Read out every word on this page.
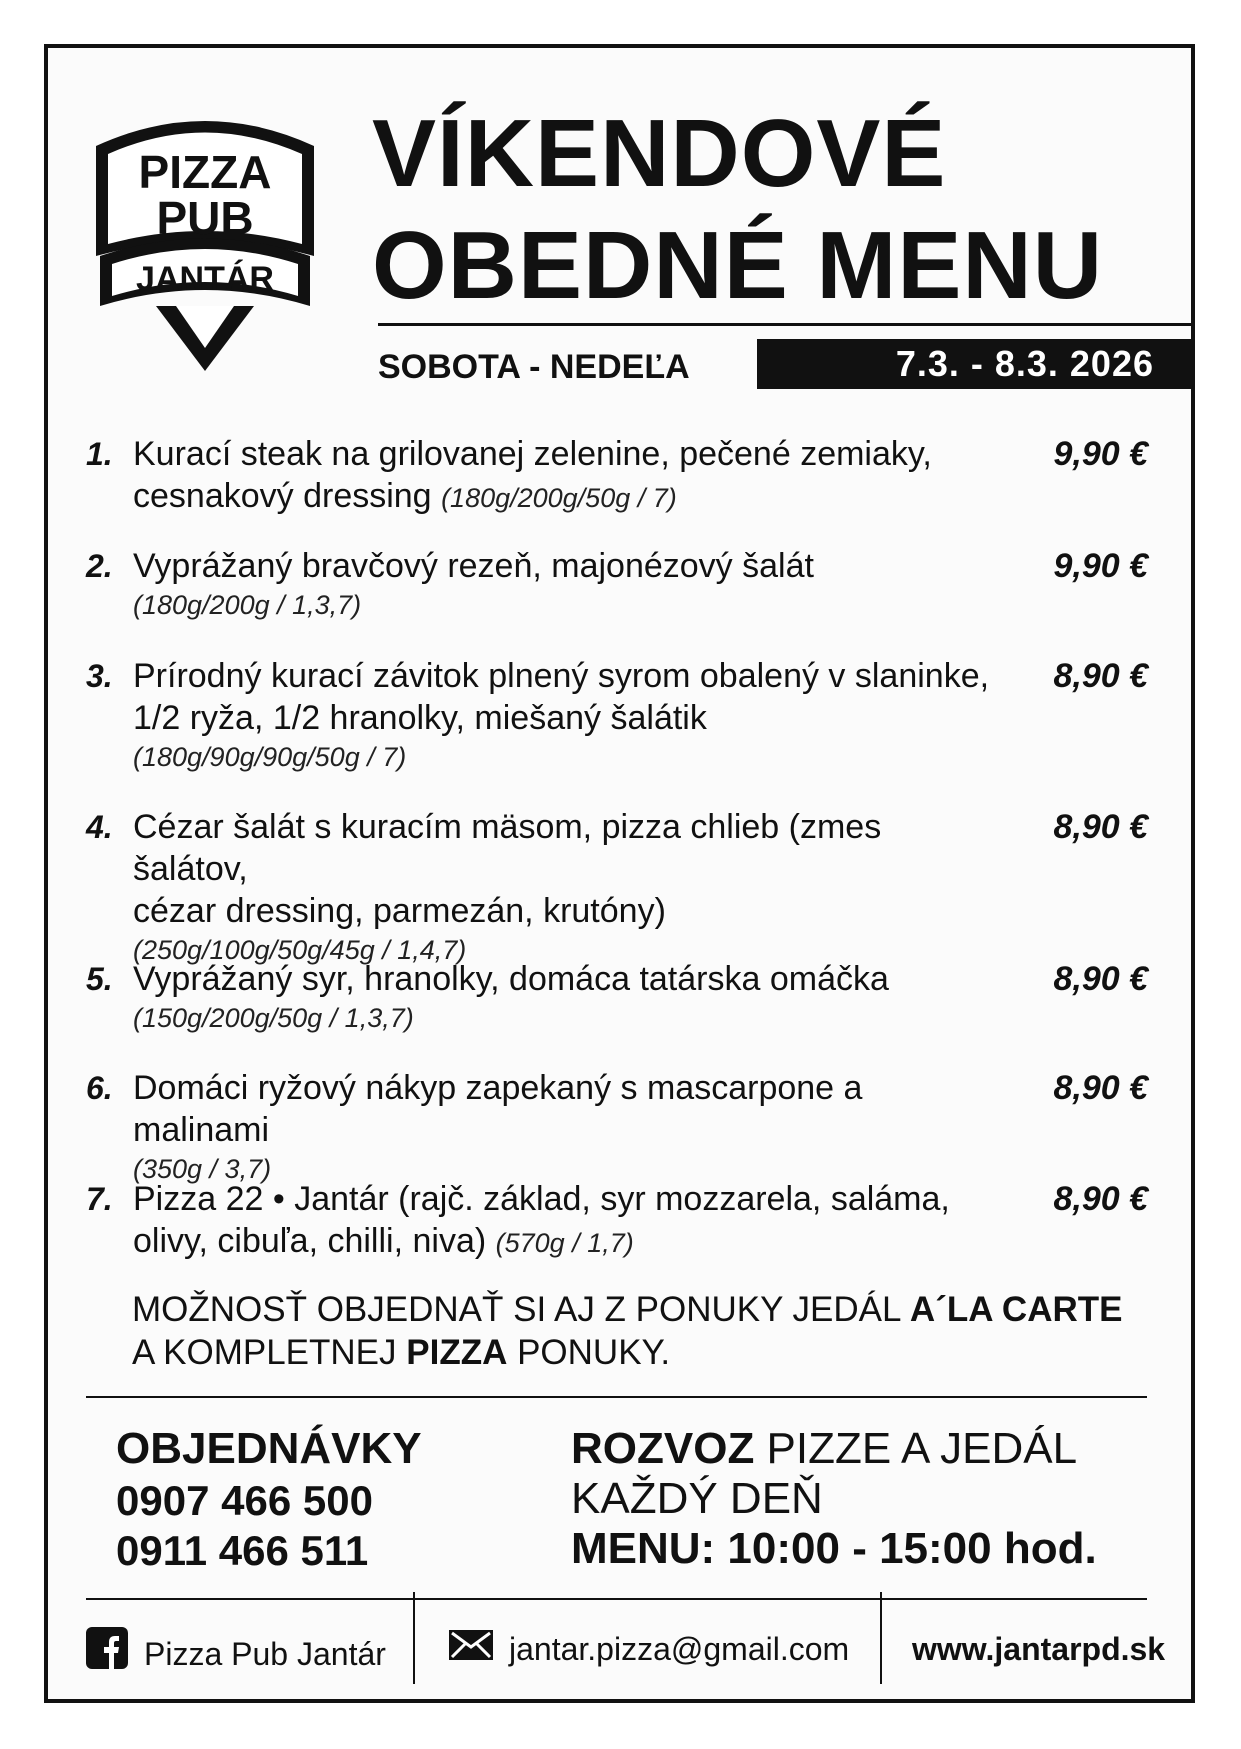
PIZZA
PUB
JANTÁR
VÍKENDOVÉ
OBEDNÉ MENU
SOBOTA - NEDEĽA	7.3. - 8.3. 2026
1. Kurací steak na grilovanej zelenine, pečené zemiaky,
cesnakový dressing (180g/200g/50g / 7)
9,90 €
2. Vyprážaný bravčový rezeň, majonézový šalát
(180g/200g / 1,3,7)
9,90 €
3. Prírodný kurací závitok plnený syrom obalený v slaninke,
1/2 ryža, 1/2 hranolky, miešaný šalátik
(180g/90g/90g/50g / 7)
8,90 €
4. Cézar šalát s kuracím mäsom, pizza chlieb (zmes šalátov,
cézar dressing, parmezán, krutóny)
(250g/100g/50g/45g / 1,4,7)
8,90 €
5. Vyprážaný syr, hranolky, domáca tatárska omáčka
(150g/200g/50g / 1,3,7)
8,90 €
6. Domáci ryžový nákyp zapekaný s mascarpone a malinami
(350g / 3,7)
8,90 €
7. Pizza 22 • Jantár (rajč. základ, syr mozzarela, saláma,
olivy, cibuľa, chilli, niva) (570g / 1,7)
8,90 €
MOŽNOSŤ OBJEDNAŤ SI AJ Z PONUKY JEDÁL A´LA CARTE
A KOMPLETNEJ PIZZA PONUKY.
OBJEDNÁVKY
0907 466 500
0911 466 511
ROZVOZ PIZZE A JEDÁL
KAŽDÝ DEŇ
MENU: 10:00 - 15:00 hod.
Pizza Pub Jantár	jantar.pizza@gmail.com www.jantarpd.sk
